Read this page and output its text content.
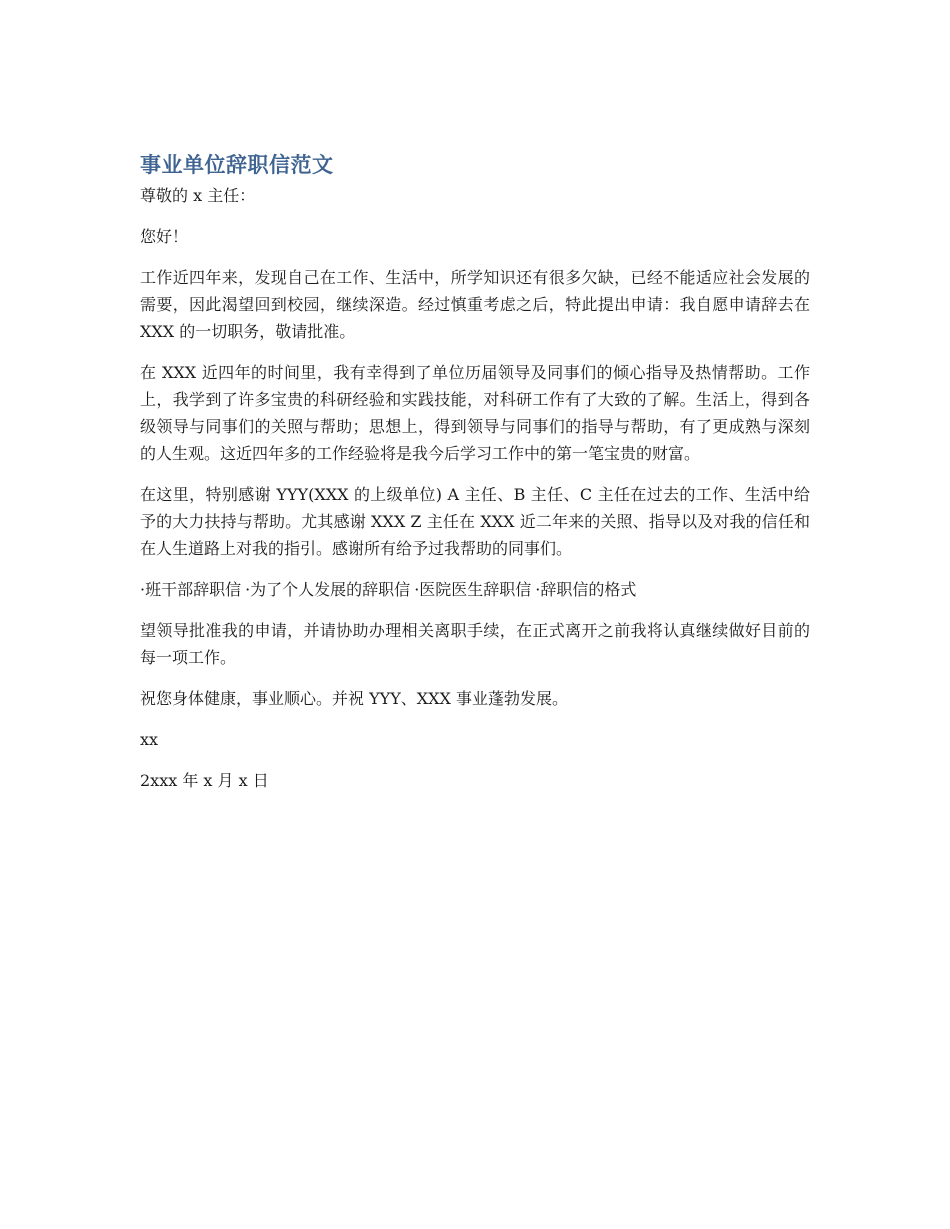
事业单位辞职信范文

尊敬的 x 主任：

您好！

工作近四年来，发现自己在工作、生活中，所学知识还有很多欠缺，已经不能适应社会发展的需要，因此渴望回到校园，继续深造。经过慎重考虑之后，特此提出申请：我自愿申请辞去在 XXX 的一切职务，敬请批准。

在 XXX 近四年的时间里，我有幸得到了单位历届领导及同事们的倾心指导及热情帮助。工作上，我学到了许多宝贵的科研经验和实践技能，对科研工作有了大致的了解。生活上，得到各级领导与同事们的关照与帮助；思想上，得到领导与同事们的指导与帮助，有了更成熟与深刻的人生观。这近四年多的工作经验将是我今后学习工作中的第一笔宝贵的财富。

在这里，特别感谢 YYY(XXX 的上级单位) A 主任、B 主任、C 主任在过去的工作、生活中给予的大力扶持与帮助。尤其感谢 XXX Z 主任在 XXX 近二年来的关照、指导以及对我的信任和在人生道路上对我的指引。感谢所有给予过我帮助的同事们。

·班干部辞职信 ·为了个人发展的辞职信 ·医院医生辞职信 ·辞职信的格式

望领导批准我的申请，并请协助办理相关离职手续，在正式离开之前我将认真继续做好目前的每一项工作。

祝您身体健康，事业顺心。并祝 YYY、XXX 事业蓬勃发展。

xx

2xxx 年 x 月 x 日
